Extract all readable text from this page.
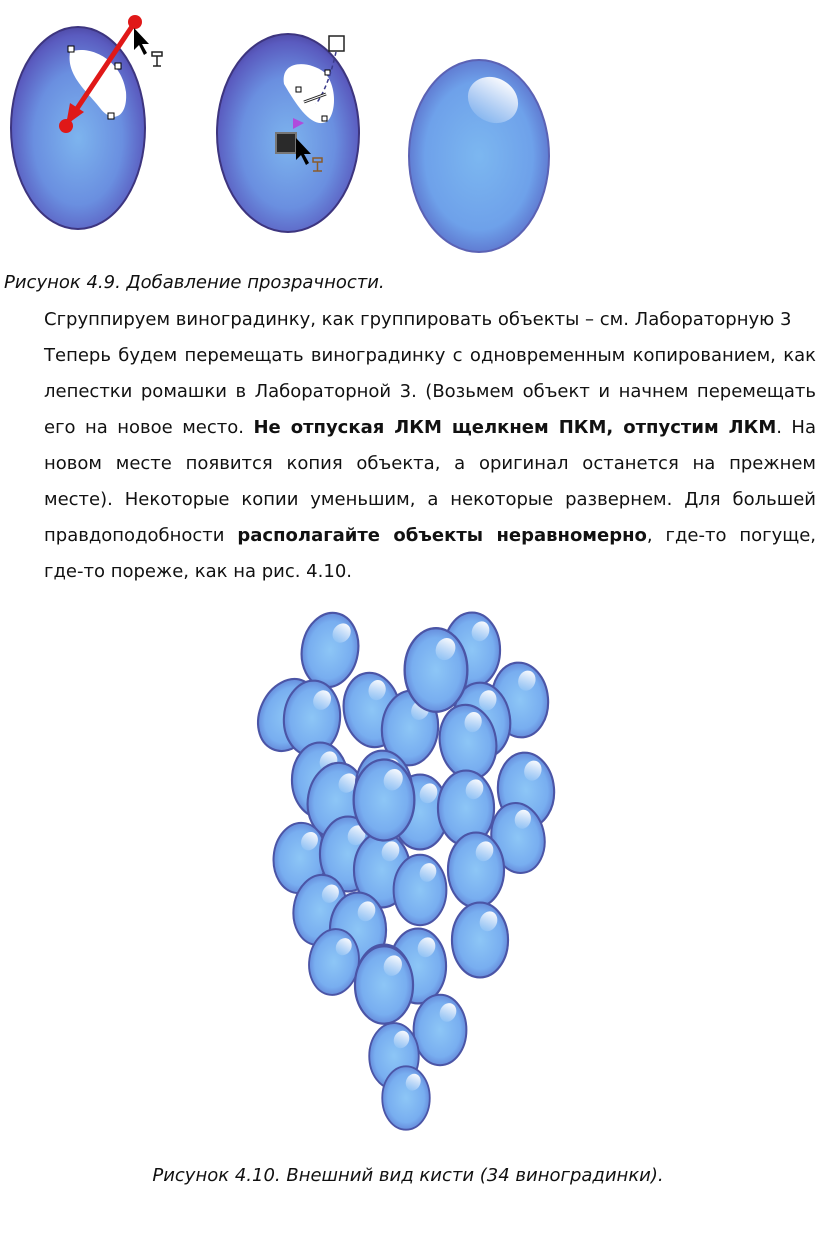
Рисунок 4.9. Добавление прозрачности.

Сгруппируем виноградинку, как группировать объекты – см. Лабораторную 3

Теперь будем перемещать виноградинку с одновременным копированием, как лепестки ромашки в Лабораторной 3. (Возьмем объект и начнем перемещать его на новое место. Не отпуская ЛКМ щелкнем ПКМ, отпустим ЛКМ. На новом месте появится копия объекта, а оригинал останется на прежнем месте). Некоторые копии уменьшим, а некоторые развернем. Для большей правдоподобности располагайте объекты неравномерно, где-то погуще, где-то пореже, как на рис. 4.10.

Рисунок 4.10. Внешний вид кисти (34 виноградинки).
